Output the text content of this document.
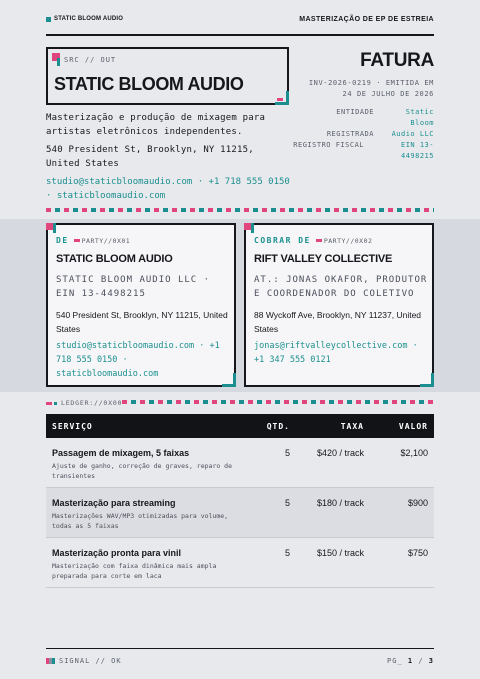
STATIC BLOOM AUDIO	MASTERIZAÇÃO DE EP DE ESTREIA
SRC // OUT
STATIC BLOOM AUDIO
Masterização e produção de mixagem para artistas eletrônicos independentes.
540 President St, Brooklyn, NY 11215, United States
studio@staticbloomaudio.com · +1 718 555 0150 · staticbloomaudio.com
FATURA
INV-2026-0219 · EMITIDA EM
24 DE JULHO DE 2026
ENTIDADE	Static Bloom
REGISTRADA	Audio LLC
REGISTRO FISCAL	EIN 13-4498215
DE PARTY//0X01
STATIC BLOOM AUDIO
STATIC BLOOM AUDIO LLC · EIN 13-4498215
540 President St, Brooklyn, NY 11215, United States
studio@staticbloomaudio.com · +1 718 555 0150 · staticbloomaudio.com
COBRAR DE PARTY//0X02
RIFT VALLEY COLLECTIVE
AT.: JONAS OKAFOR, PRODUTOR E COORDENADOR DO COLETIVO
88 Wyckoff Ave, Brooklyn, NY 11237, United States
jonas@riftvalleycollective.com · +1 347 555 0121
LEDGER://0X00
SERVIÇO	QTD.	TAXA	VALOR
Passagem de mixagem, 5 faixas
Ajuste de ganho, correção de graves, reparo de transientes
5	$420 / track	$2,100
Masterização para streaming
Masterizações WAV/MP3 otimizadas para volume, todas as 5 faixas
5	$180 / track	$900
Masterização pronta para vinil
Masterização com faixa dinâmica mais ampla preparada para corte em laca
5	$150 / track	$750
SIGNAL // OK	PG_ 1 / 3
